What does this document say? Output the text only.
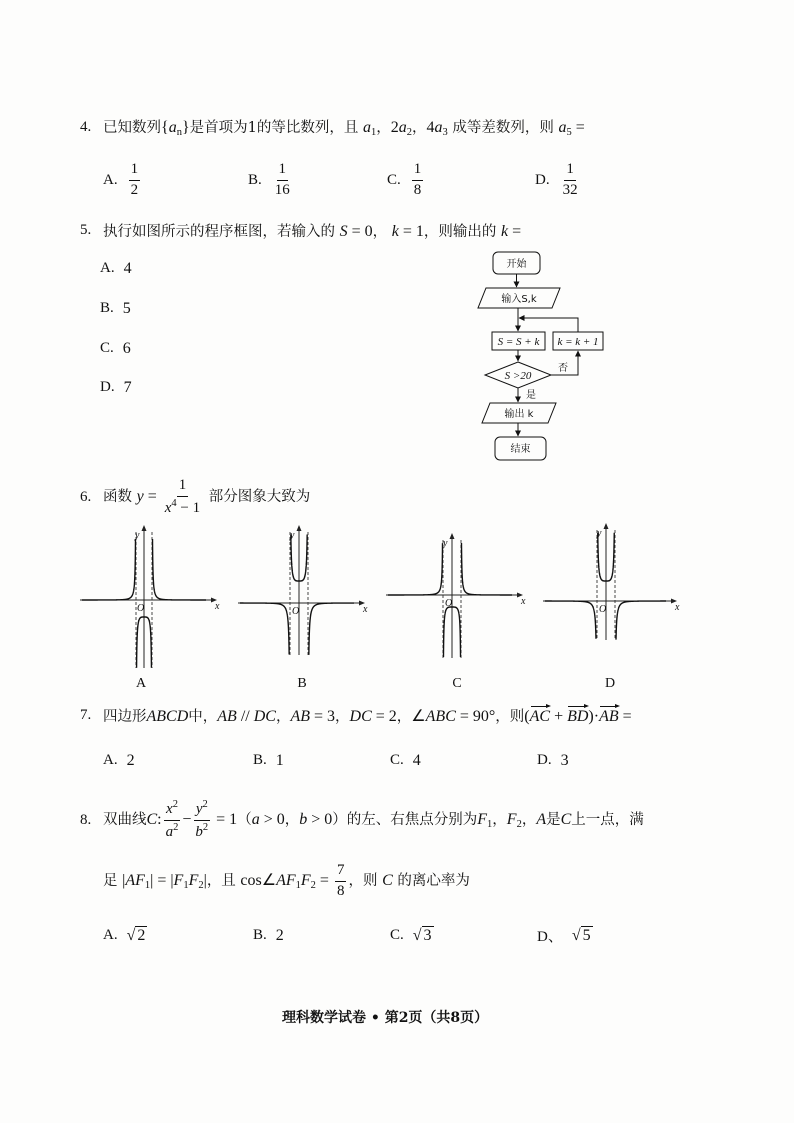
4. 已知数列$\{a_n\}$是首项为1的等比数列，且 $a_1$，$2a_2$，$4a_3$ 成等差数列，则 $a_5$ =
A. $\frac{1}{2}$	B. $\frac{1}{16}$	C. $\frac{1}{8}$	D. $\frac{1}{32}$
5. 执行如图所示的程序框图，若输入的 S = 0， k = 1，则输出的 k =
A. 4
B. 5
C. 6
D. 7
开始
输入S,k
S = S + k k = k + 1
S >20
否
是
输出 k
结束
6. 函数 $y = \frac{1}{x^4 - 1}$ 部分图象大致为
y
O	x
y
O	x
y
O	x
y
O	x
A	B	C	D
7. 四边形ABCD中，AB // DC，AB = 3，DC = 2，∠ABC = 90°，则(AC + BD)·AB =
A. 2	B. 1	C. 4	D. 3
8. 双曲线C: $\frac{x^2}{a^2} - \frac{y^2}{b^2} = 1(a > 0$，b > 0）的左、右焦点分别为$F_1$，$F_2$，A是C上一点，满
足 $|AF_1| = |F_1F_2|$，且 $\cos\angle AF_1F_2 = \frac{7}{8}$ ，则 C 的离心率为
A.	√ 2	B. 2	C.	√ 3	D、	√ 5
理科数学试卷 • 第2页（共8页）
